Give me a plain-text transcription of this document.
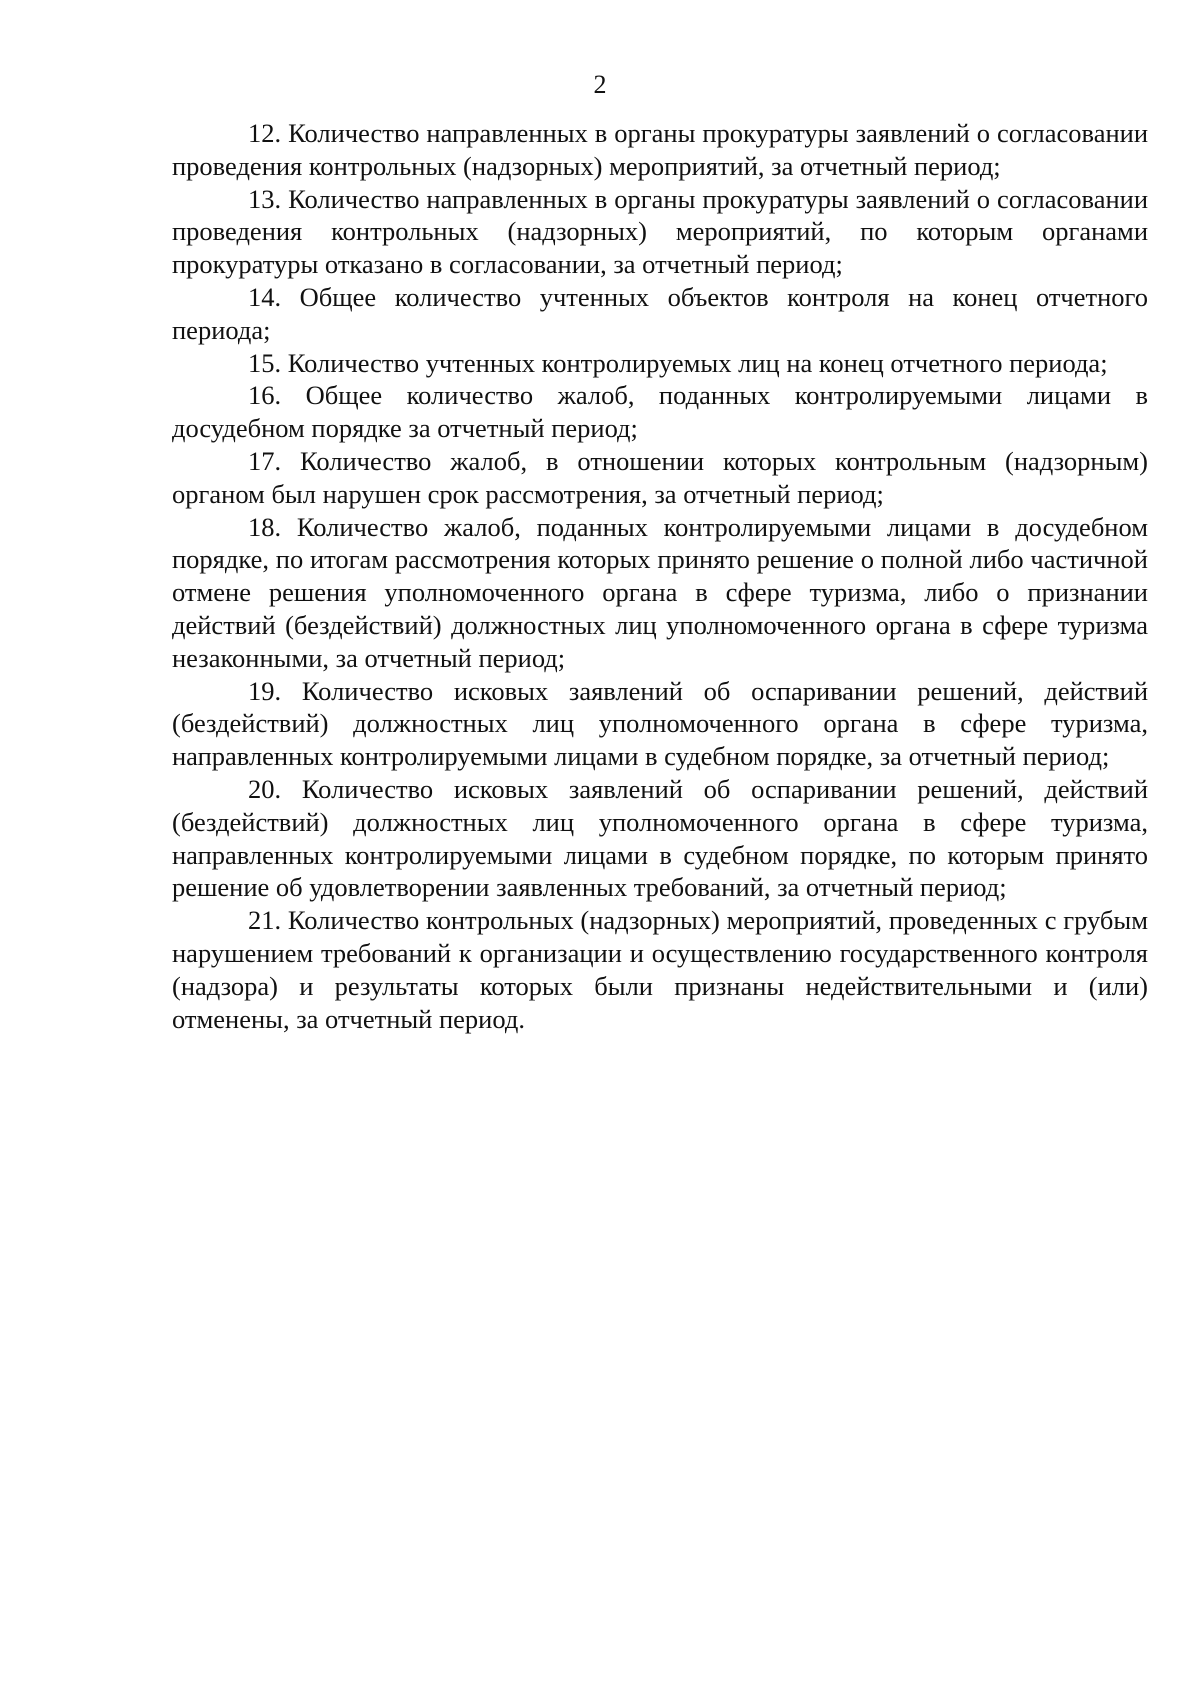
2

12. Количество направленных в органы прокуратуры заявлений о согласовании проведения контрольных (надзорных) мероприятий, за отчетный период;

13. Количество направленных в органы прокуратуры заявлений о согласовании проведения контрольных (надзорных) мероприятий, по которым органами прокуратуры отказано в согласовании, за отчетный период;

14. Общее количество учтенных объектов контроля на конец отчетного периода;

15. Количество учтенных контролируемых лиц на конец отчетного периода;

16. Общее количество жалоб, поданных контролируемыми лицами в досудебном порядке за отчетный период;

17. Количество жалоб, в отношении которых контрольным (надзорным) органом был нарушен срок рассмотрения, за отчетный период;

18. Количество жалоб, поданных контролируемыми лицами в досудебном порядке, по итогам рассмотрения которых принято решение о полной либо частичной отмене решения уполномоченного органа в сфере туризма, либо о признании действий (бездействий) должностных лиц уполномоченного органа в сфере туризма незаконными, за отчетный период;

19. Количество исковых заявлений об оспаривании решений, действий (бездействий) должностных лиц уполномоченного органа в сфере туризма, направленных контролируемыми лицами в судебном порядке, за отчетный период;

20. Количество исковых заявлений об оспаривании решений, действий (бездействий) должностных лиц уполномоченного органа в сфере туризма, направленных контролируемыми лицами в судебном порядке, по которым принято решение об удовлетворении заявленных требований, за отчетный период;

21. Количество контрольных (надзорных) мероприятий, проведенных с грубым нарушением требований к организации и осуществлению государственного контроля (надзора) и результаты которых были признаны недействительными и (или) отменены, за отчетный период.
